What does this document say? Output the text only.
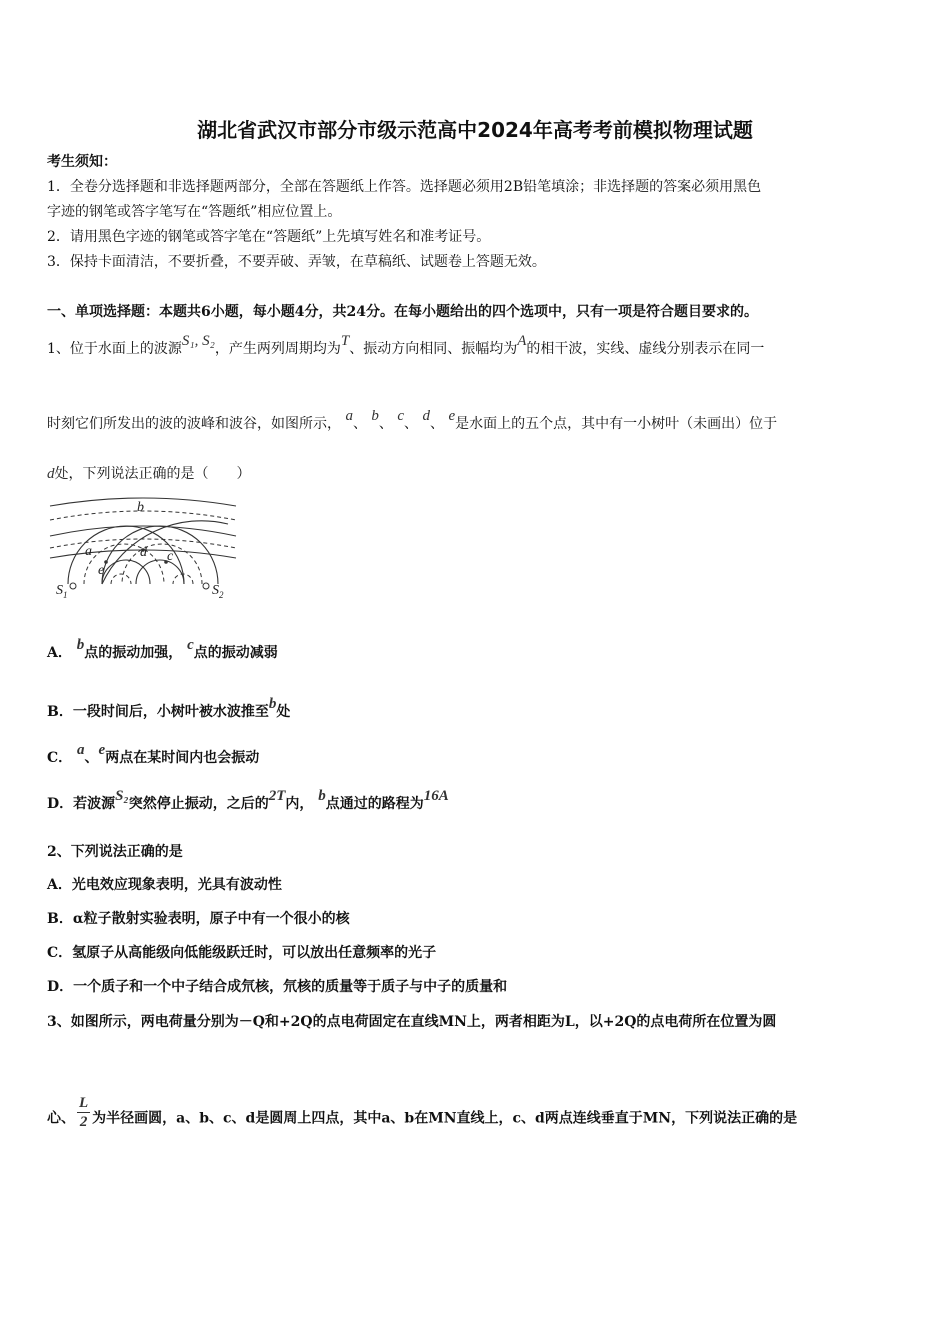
湖北省武汉市部分市级示范高中2024年高考考前模拟物理试题
考生须知：
1．全卷分选择题和非选择题两部分，全部在答题纸上作答。选择题必须用2B铅笔填涂；非选择题的答案必须用黑色
字迹的钢笔或答字笔写在“答题纸”相应位置上。
2．请用黑色字迹的钢笔或答字笔在“答题纸”上先填写姓名和准考证号。
3．保持卡面清洁，不要折叠，不要弄破、弄皱，在草稿纸、试题卷上答题无效。
一、单项选择题：本题共6小题，每小题4分，共24分。在每小题给出的四个选项中，只有一项是符合题目要求的。
1、位于水面上的波源S₁, S₂，产生两列周期均为T、振动方向相同、振幅均为A的相干波，实线、虚线分别表示在同一
时刻它们所发出的波的波峰和波谷，如图所示， a、 b、 c、 d、 e是水面上的五个点，其中有一小树叶（未画出）位于
d处，下列说法正确的是（　　）
b
a	d c
e
$S_1$	$S_2$
A． b点的振动加强， c点的振动减弱
B．一段时间后，小树叶被水波推至b处
C． a、e两点在某时间内也会振动
D．若波源S₂突然停止振动，之后的2T内， b点通过的路程为16A
2、下列说法正确的是
A．光电效应现象表明，光具有波动性
B．α粒子散射实验表明，原子中有一个很小的核
C．氢原子从高能级向低能级跃迁时，可以放出任意频率的光子
D．一个质子和一个中子结合成氘核，氘核的质量等于质子与中子的质量和
3、如图所示，两电荷量分别为－Q和+2Q的点电荷固定在直线MN上，两者相距为L，以+2Q的点电荷所在位置为圆
心、 $\frac{L}{2}$ 为半径画圆，a、b、c、d是圆周上四点，其中a、b在MN直线上，c、d两点连线垂直于MN，下列说法正确的是
